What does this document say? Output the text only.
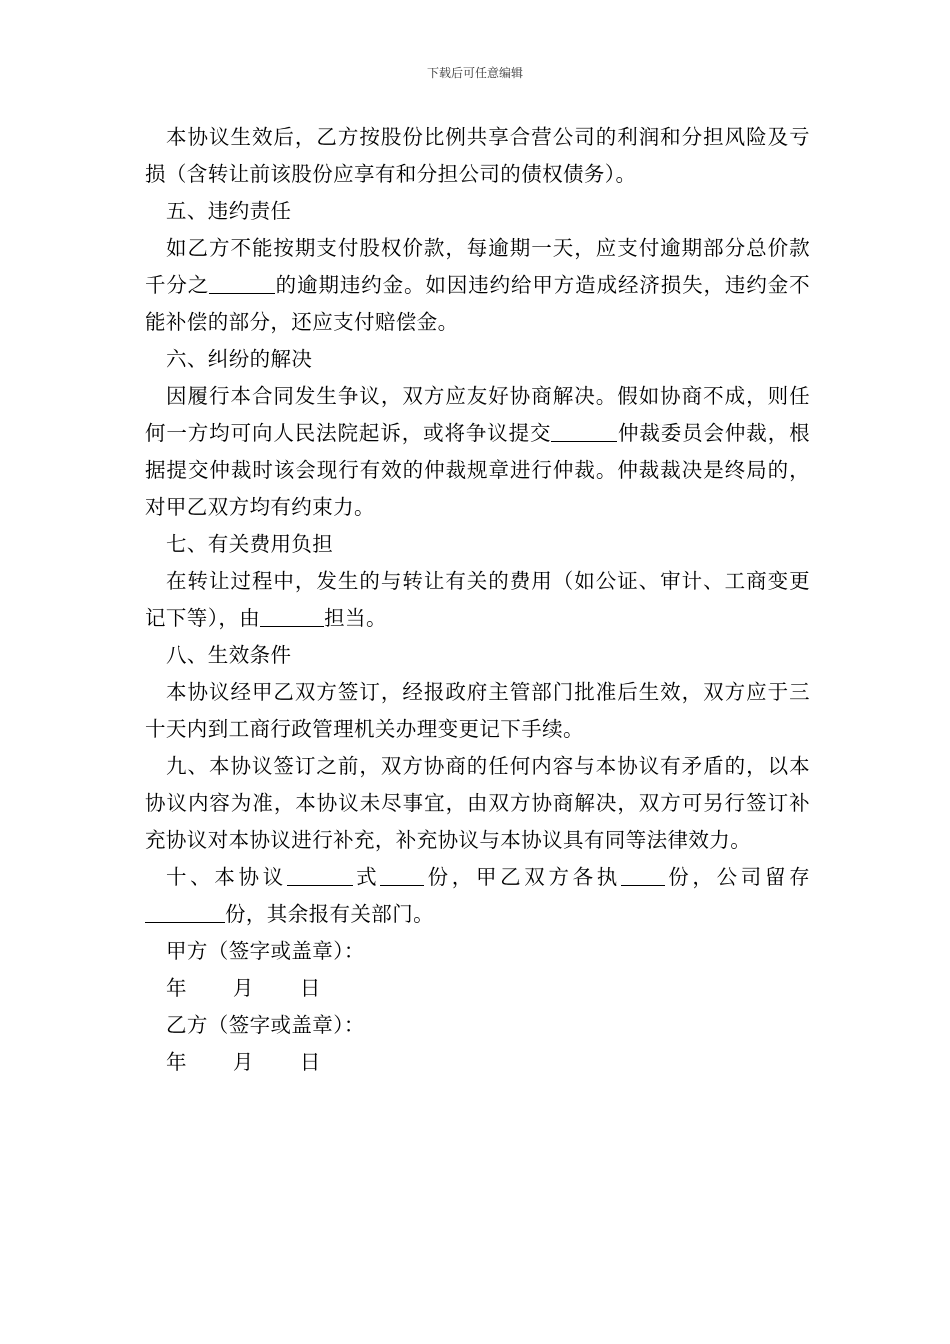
下载后可任意编辑

本协议生效后，乙方按股份比例共享合营公司的利润和分担风险及亏损（含转让前该股份应享有和分担公司的债权债务）。

五、违约责任

如乙方不能按期支付股权价款，每逾期一天，应支付逾期部分总价款千分之	的逾期违约金。如因违约给甲方造成经济损失，违约金不能补偿的部分，还应支付赔偿金。

六、纠纷的解决

因履行本合同发生争议，双方应友好协商解决。假如协商不成，则任何一方均可向人民法院起诉，或将争议提交	仲裁委员会仲裁，根据提交仲裁时该会现行有效的仲裁规章进行仲裁。仲裁裁决是终局的，对甲乙双方均有约束力。

七、有关费用负担

在转让过程中，发生的与转让有关的费用（如公证、审计、工商变更记下等），由	担当。

八、生效条件

本协议经甲乙双方签订，经报政府主管部门批准后生效，双方应于三十天内到工商行政管理机关办理变更记下手续。

九、本协议签订之前，双方协商的任何内容与本协议有矛盾的，以本协议内容为准，本协议未尽事宜，由双方协商解决，双方可另行签订补充协议对本协议进行补充，补充协议与本协议具有同等法律效力。

十、本协议	式 份，甲乙双方各执 份，公司留存份，其余报有关部门。

甲方（签字或盖章）：

年 月 日

乙方（签字或盖章）：

年 月 日
